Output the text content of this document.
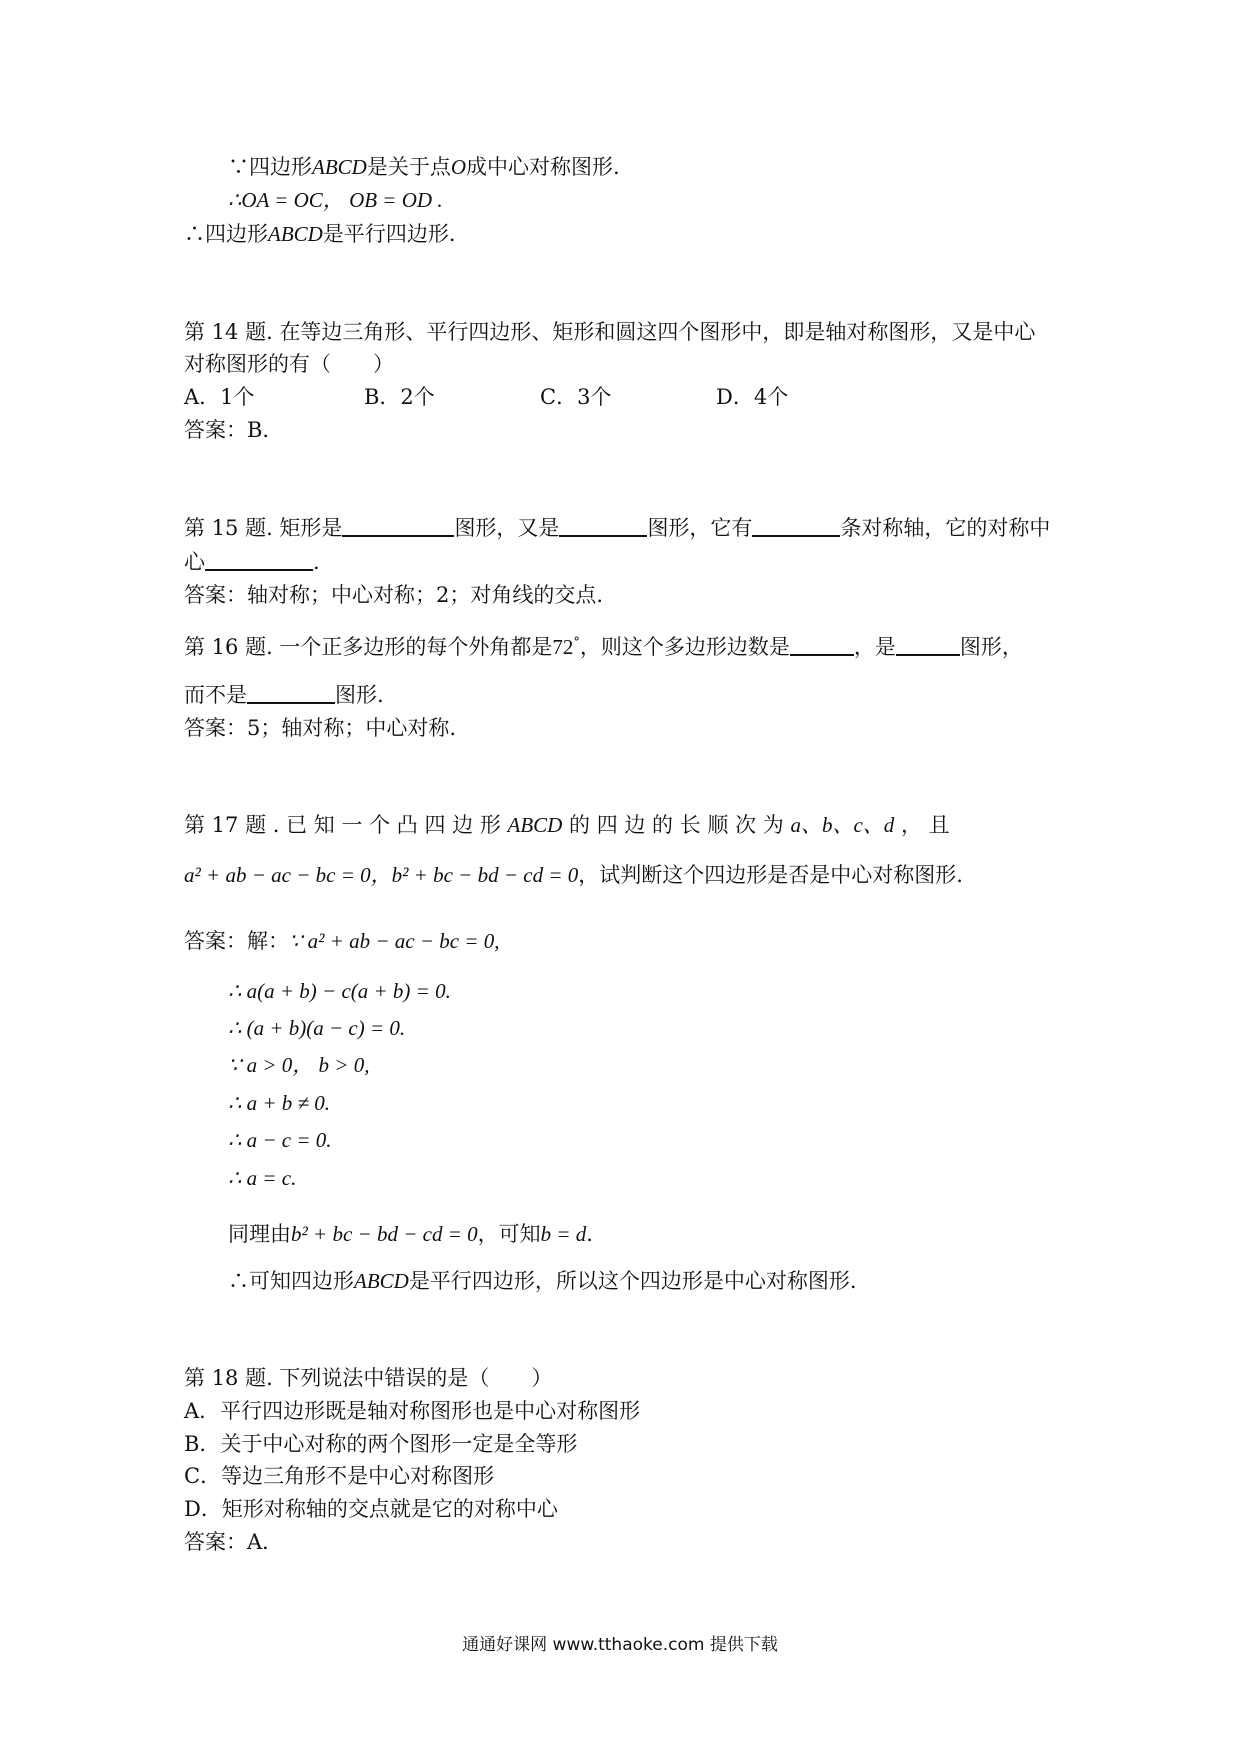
∵四边形ABCD是关于点O成中心对称图形.
∴OA = OC， OB = OD .
∴四边形ABCD是平行四边形.
第 14 题. 在等边三角形、平行四边形、矩形和圆这四个图形中，即是轴对称图形，又是中心
对称图形的有（　　）
A．1个	B．2个	C．3个	D．4个
答案：B．
第 15 题. 矩形是	图形，又是	图形，它有	条对称轴，它的对称中
心	.
答案：轴对称；中心对称；2；对角线的交点.
第 16 题. 一个正多边形的每个外角都是72°，则这个多边形边数是	，是	图形，
而不是	图形.
答案：5；轴对称；中心对称.
第 17 题 . 已 知 一 个 凸 四 边 形 ABCD 的 四 边 的 长 顺 次 为 a、b、c、d ， 且
a² + ab − ac − bc = 0，b² + bc − bd − cd = 0，试判断这个四边形是否是中心对称图形.
答案：解：∵ a² + ab − ac − bc = 0,
∴ a(a + b) − c(a + b) = 0.
∴ (a + b)(a − c) = 0.
∵ a > 0， b > 0,
∴ a + b ≠ 0.
∴ a − c = 0.
∴ a = c.
同理由b² + bc − bd − cd = 0，可知b = d.
∴可知四边形ABCD是平行四边形，所以这个四边形是中心对称图形.
第 18 题. 下列说法中错误的是（　　）
A．平行四边形既是轴对称图形也是中心对称图形
B．关于中心对称的两个图形一定是全等形
C．等边三角形不是中心对称图形
D．矩形对称轴的交点就是它的对称中心
答案：A．
通通好课网 www.tthaoke.com 提供下载
